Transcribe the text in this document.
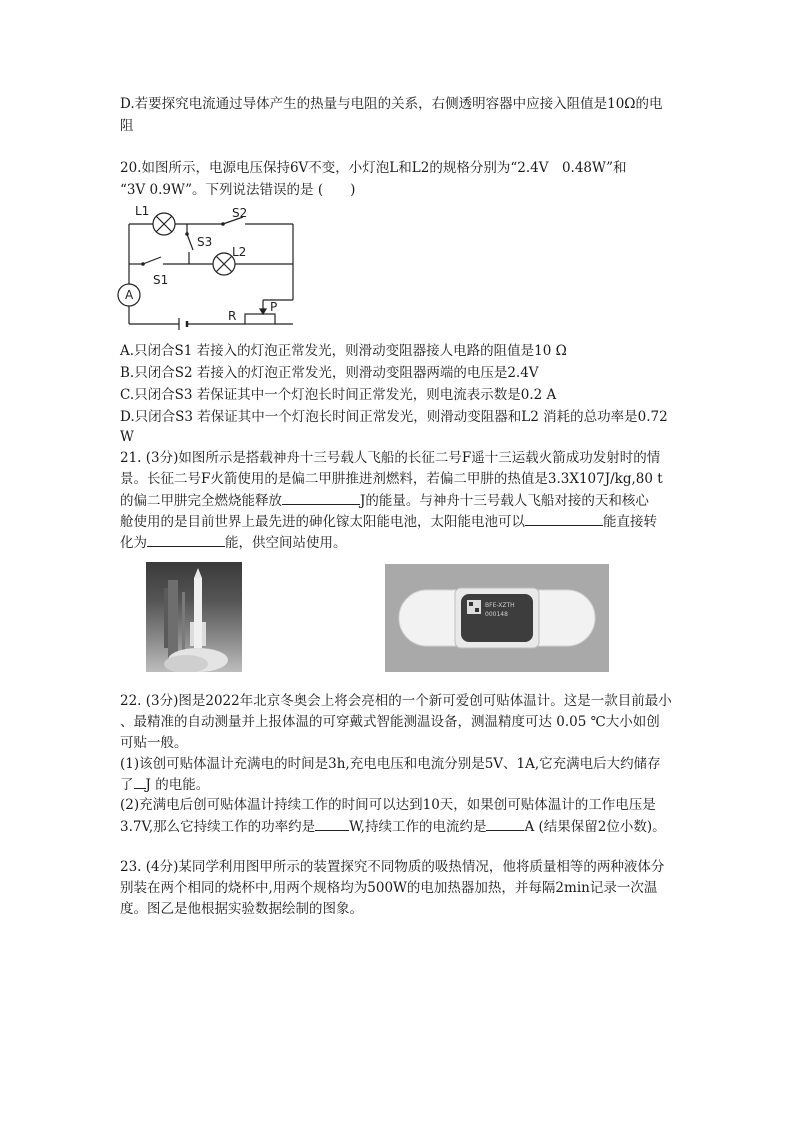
D.若要探究电流通过导体产生的热量与电阻的关系，右侧透明容器中应接入阻值是10Ω的电
阻
20.如图所示，电源电压保持6V不变，小灯泡L和L2的规格分别为“2.4V　0.48W”和
“3V 0.9W”。下列说法错误的是 (　　)
L1	S2
S3
L2
S1
A
R
P
A.只闭合S1 若接入的灯泡正常发光，则滑动变阻器接人电路的阻值是10 Ω
B.只闭合S2 若接入的灯泡正常发光，则滑动变阻器两端的电压是2.4V
C.只闭合S3 若保证其中一个灯泡长时间正常发光，则电流表示数是0.2 A
D.只闭合S3 若保证其中一个灯泡长时间正常发光，则滑动变阻器和L2 消耗的总功率是0.72
W
21. (3分)如图所示是搭载神舟十三号载人飞船的长征二号F遥十三运载火箭成功发射时的情
景。长征二号F火箭使用的是偏二甲肼推进剂燃料，若偏二甲肼的热值是3.3X107J/kg,80 t
的偏二甲肼完全燃烧能释放	J的能量。与神舟十三号载人飞船对接的天和核心
舱使用的是目前世界上最先进的砷化镓太阳能电池，太阳能电池可以	能直接转
化为	能，供空间站使用。
BFE-XZTH
000148
22. (3分)图是2022年北京冬奥会上将会亮相的一个新可爱创可贴体温计。这是一款目前最小
、最精准的自动测量并上报体温的可穿戴式智能测温设备，测温精度可达 0.05 ℃大小如创
可贴一般。
(1)该创可贴体温计充满电的时间是3h,充电电压和电流分别是5V、1A,它充满电后大约储存
了 J 的电能。
(2)充满电后创可贴体温计持续工作的时间可以达到10天，如果创可贴体温计的工作电压是
3.7V,那么它持续工作的功率约是	W,持续工作的电流约是	A (结果保留2位小数)。
23. (4分)某同学利用图甲所示的装置探究不同物质的吸热情况，他将质量相等的两种液体分
别装在两个相同的烧杯中,用两个规格均为500W的电加热器加热，并每隔2min记录一次温
度。图乙是他根据实验数据绘制的图象。
